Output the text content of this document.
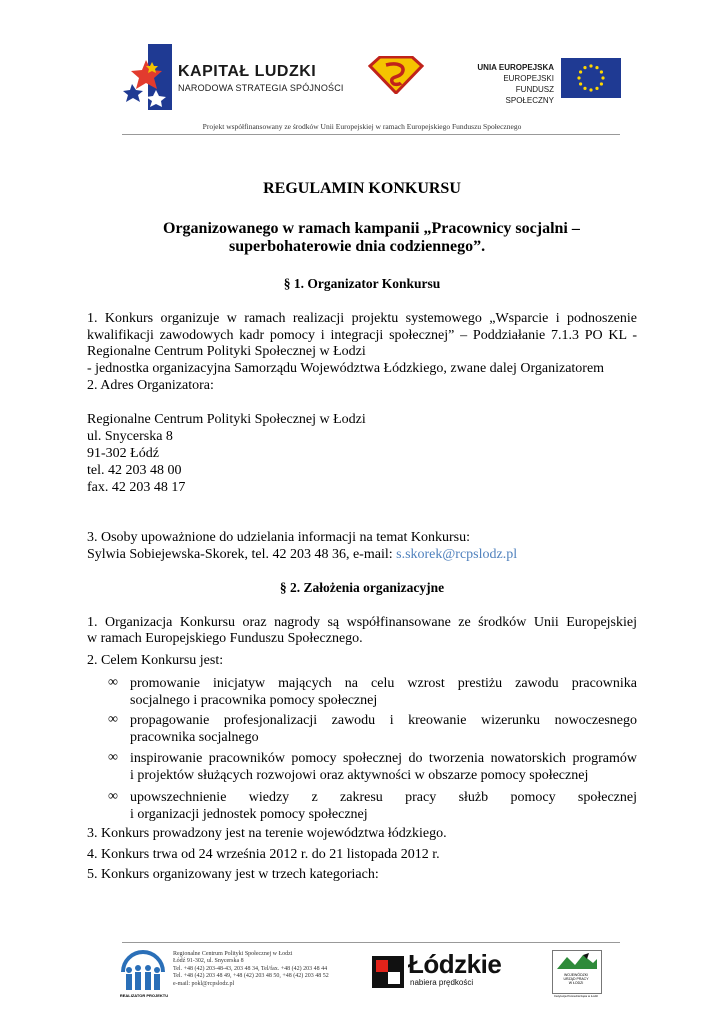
KAPITAŁ LUDZKI
NARODOWA STRATEGIA SPÓJNOŚCI
UNIA EUROPEJSKA
EUROPEJSKI
FUNDUSZ SPOŁECZNY
Projekt współfinansowany ze środków Unii Europejskiej w ramach Europejskiego Funduszu Społecznego
REGULAMIN KONKURSU
Organizowanego w ramach kampanii „Pracownicy socjalni –
superbohaterowie dnia codziennego”.
§ 1. Organizator Konkursu
1. Konkurs organizuje w ramach realizacji projektu systemowego „Wsparcie i podnoszenie
kwalifikacji zawodowych kadr pomocy i integracji społecznej” – Poddziałanie 7.1.3 PO KL -
Regionalne Centrum Polityki Społecznej w Łodzi
- jednostka organizacyjna Samorządu Województwa Łódzkiego, zwane dalej Organizatorem
2. Adres Organizatora:
Regionalne Centrum Polityki Społecznej w Łodzi
ul. Snycerska 8
91-302 Łódź
tel. 42 203 48 00
fax. 42 203 48 17
3. Osoby upoważnione do udzielania informacji na temat Konkursu:
Sylwia Sobiejewska-Skorek, tel. 42 203 48 36, e-mail: s.skorek@rcpslodz.pl
§ 2. Założenia organizacyjne
1. Organizacja Konkursu oraz nagrody są współfinansowane ze środków Unii Europejskiej
w ramach Europejskiego Funduszu Społecznego.
2. Celem Konkursu jest:
∞ promowanie inicjatyw mających na celu wzrost prestiżu zawodu pracownika
socjalnego i pracownika pomocy społecznej
∞ propagowanie profesjonalizacji zawodu i kreowanie wizerunku nowoczesnego
pracownika socjalnego
∞ inspirowanie pracowników pomocy społecznej do tworzenia nowatorskich programów
i projektów służących rozwojowi oraz aktywności w obszarze pomocy społecznej
∞ upowszechnienie wiedzy z zakresu pracy służb pomocy społecznej
i organizacji jednostek pomocy społecznej
3. Konkurs prowadzony jest na terenie województwa łódzkiego.
4. Konkurs trwa od 24 września 2012 r. do 21 listopada 2012 r.
5. Konkurs organizowany jest w trzech kategoriach:
REALIZATOR PROJEKTU
Regionalne Centrum Polityki Społecznej w Łodzi
Łódź 91-302, ul. Snycerska 8
Tel. +48 (42) 203-48-43, 203 48 34, Tel/fax. +48 (42) 203 48 44
Tel. +48 (42) 203 48 49, +48 (42) 203 48 50, +48 (42) 203 48 52
e-mail: pokl@rcpslodz.pl
Łódzkie
nabiera prędkości
WOJEWÓDZKI
URZĄD PRACY
W ŁODZI
Instytucja Pośrednicząca w Łodzi
